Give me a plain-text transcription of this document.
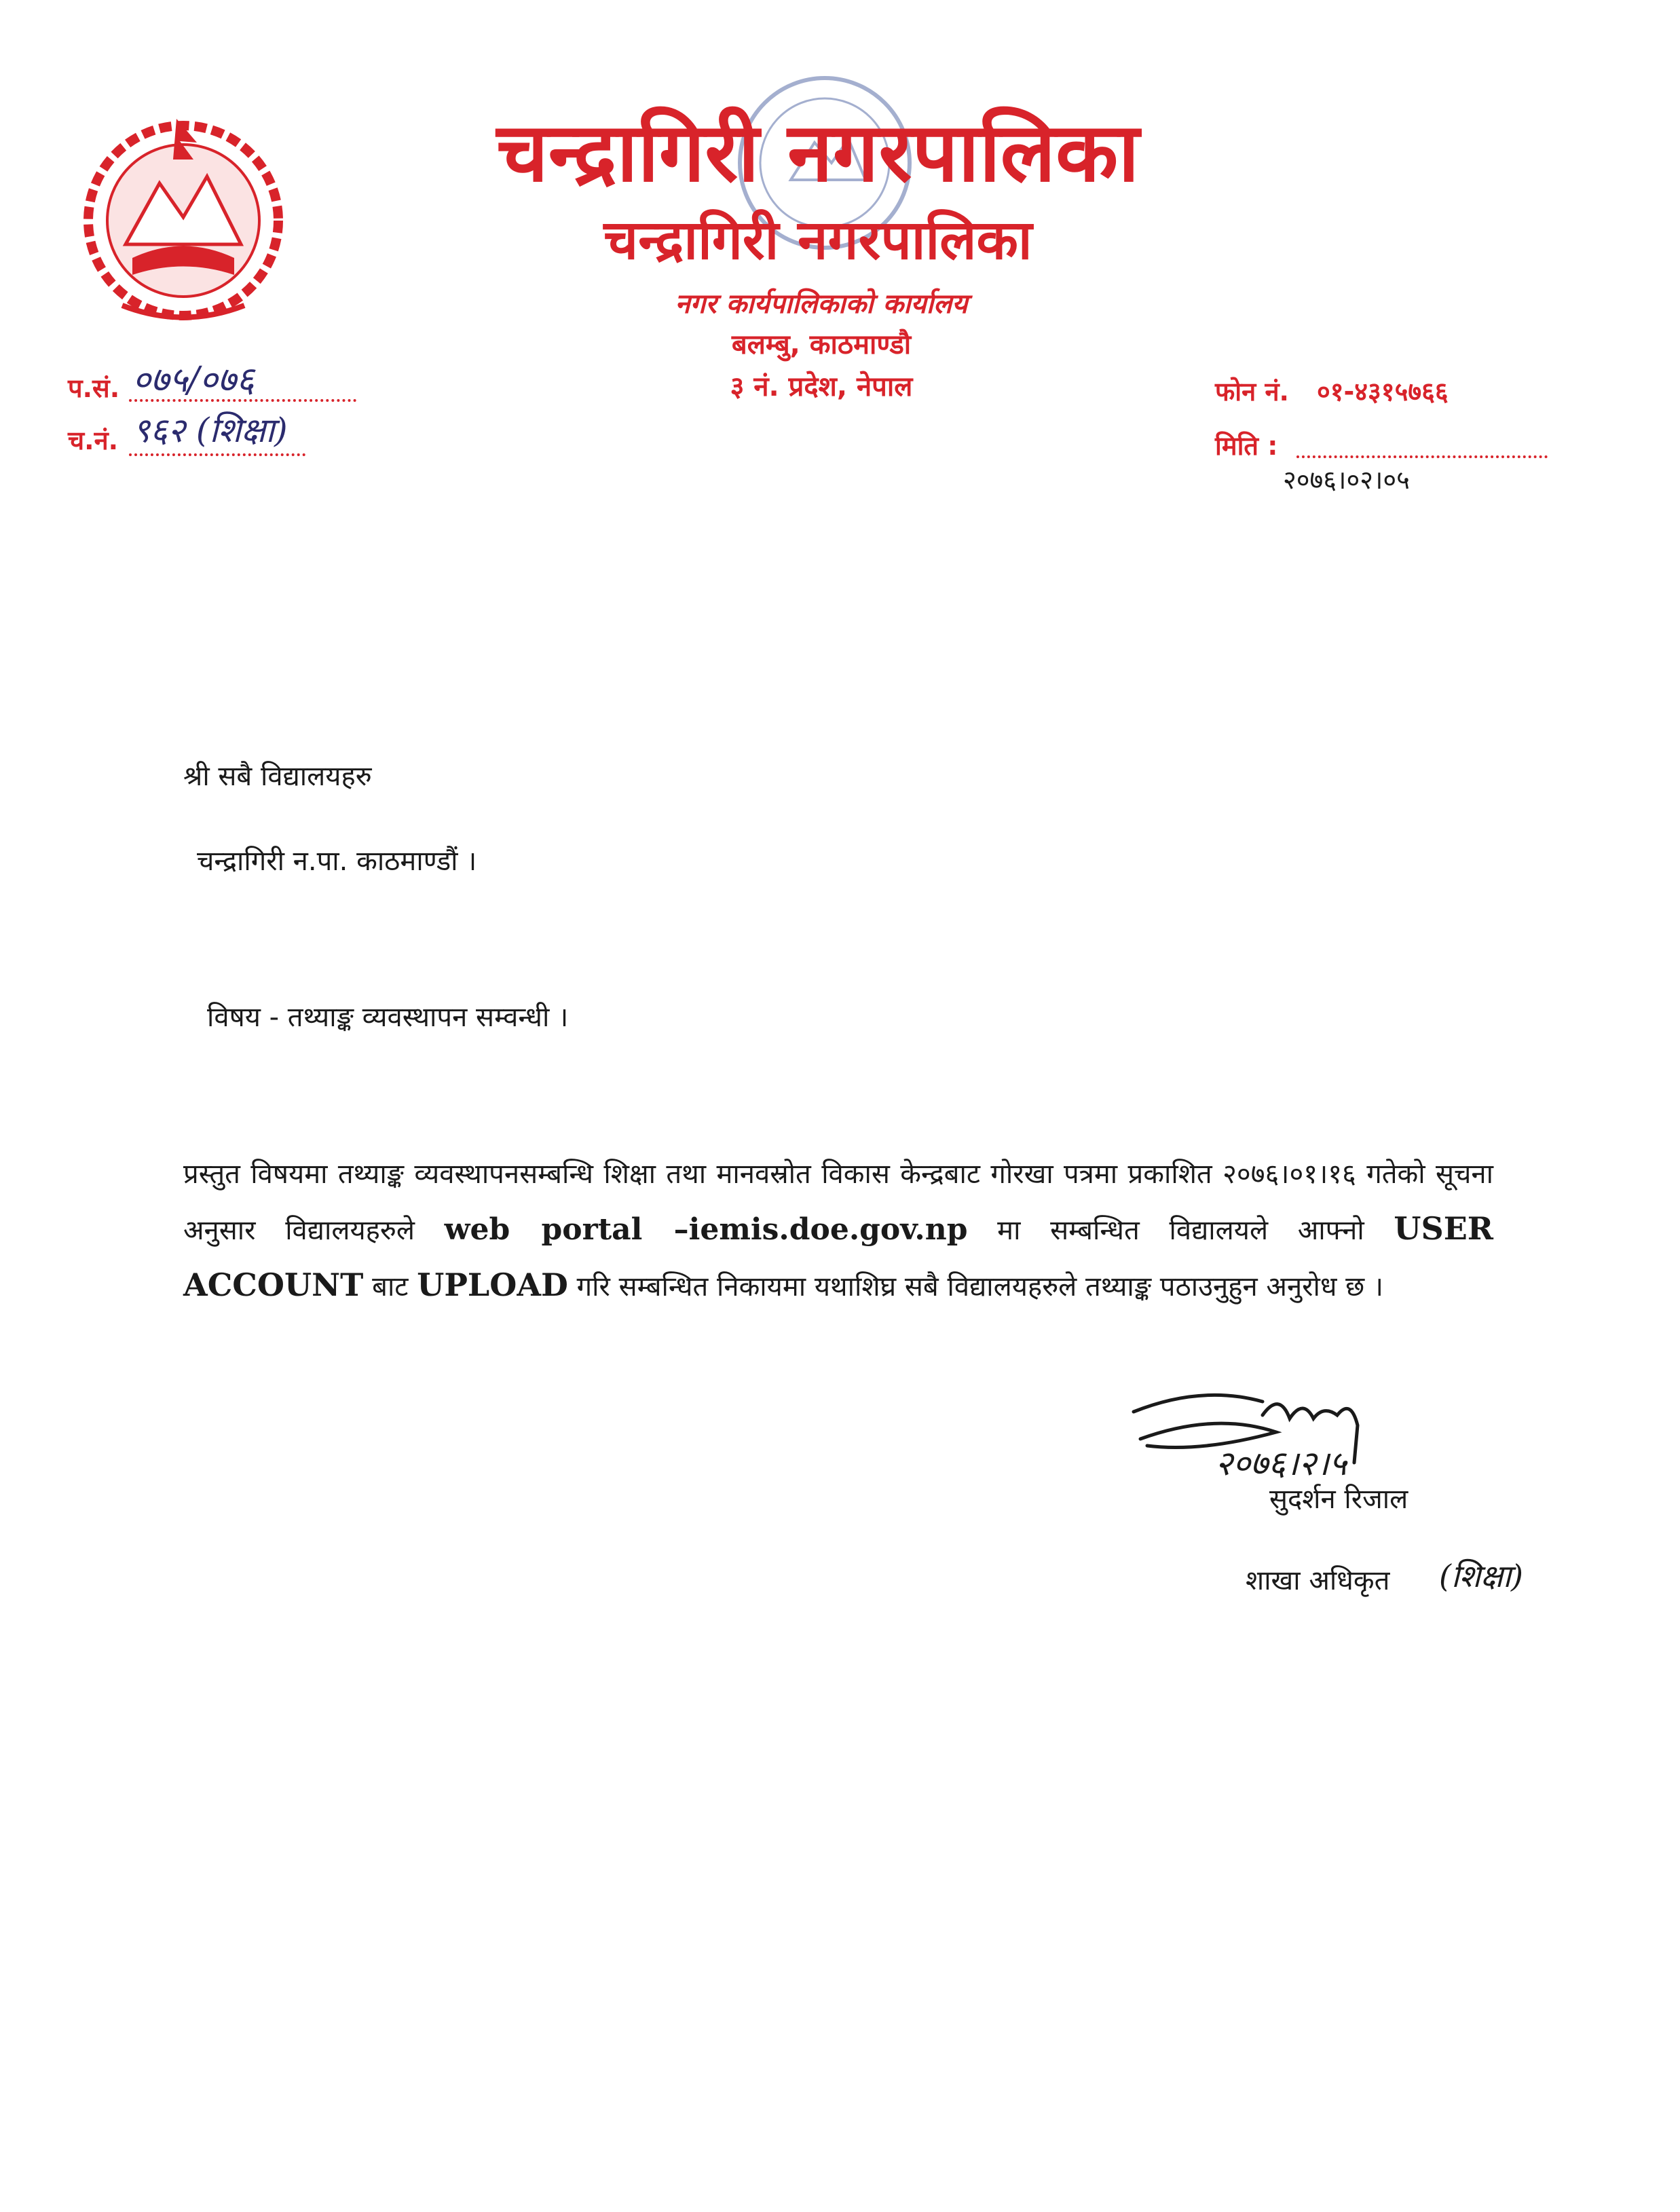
चन्द्रागिरी नगरपालिका
चन्द्रागिरी नगरपालिका
नगर कार्यपालिकाको कार्यालय
बलम्बु, काठमाण्डौ
३ नं. प्रदेश, नेपाल
प.सं. ०७५/०७६
च.नं. ९६२ (शिक्षा)
फोन नं. ०१-४३१५७६६
मिति :
२०७६।०२।०५
श्री सबै विद्यालयहरु
चन्द्रागिरी न.पा. काठमाण्डौं ।
विषय - तथ्याङ्क व्यवस्थापन सम्वन्धी ।
प्रस्तुत विषयमा तथ्याङ्क व्यवस्थापनसम्बन्धि शिक्षा तथा मानवस्रोत विकास केन्द्रबाट गोरखा पत्रमा प्रकाशित २०७६।०१।१६ गतेको सूचना अनुसार विद्यालयहरुले web portal –iemis.doe.gov.np मा सम्बन्धित विद्यालयले आफ्नो USER ACCOUNT बाट UPLOAD गरि सम्बन्धित निकायमा यथाशिघ्र सबै विद्यालयहरुले तथ्याङ्क पठाउनुहुन अनुरोध छ ।
२०७६।२।५
सुदर्शन रिजाल
शाखा अधिकृत (शिक्षा)
